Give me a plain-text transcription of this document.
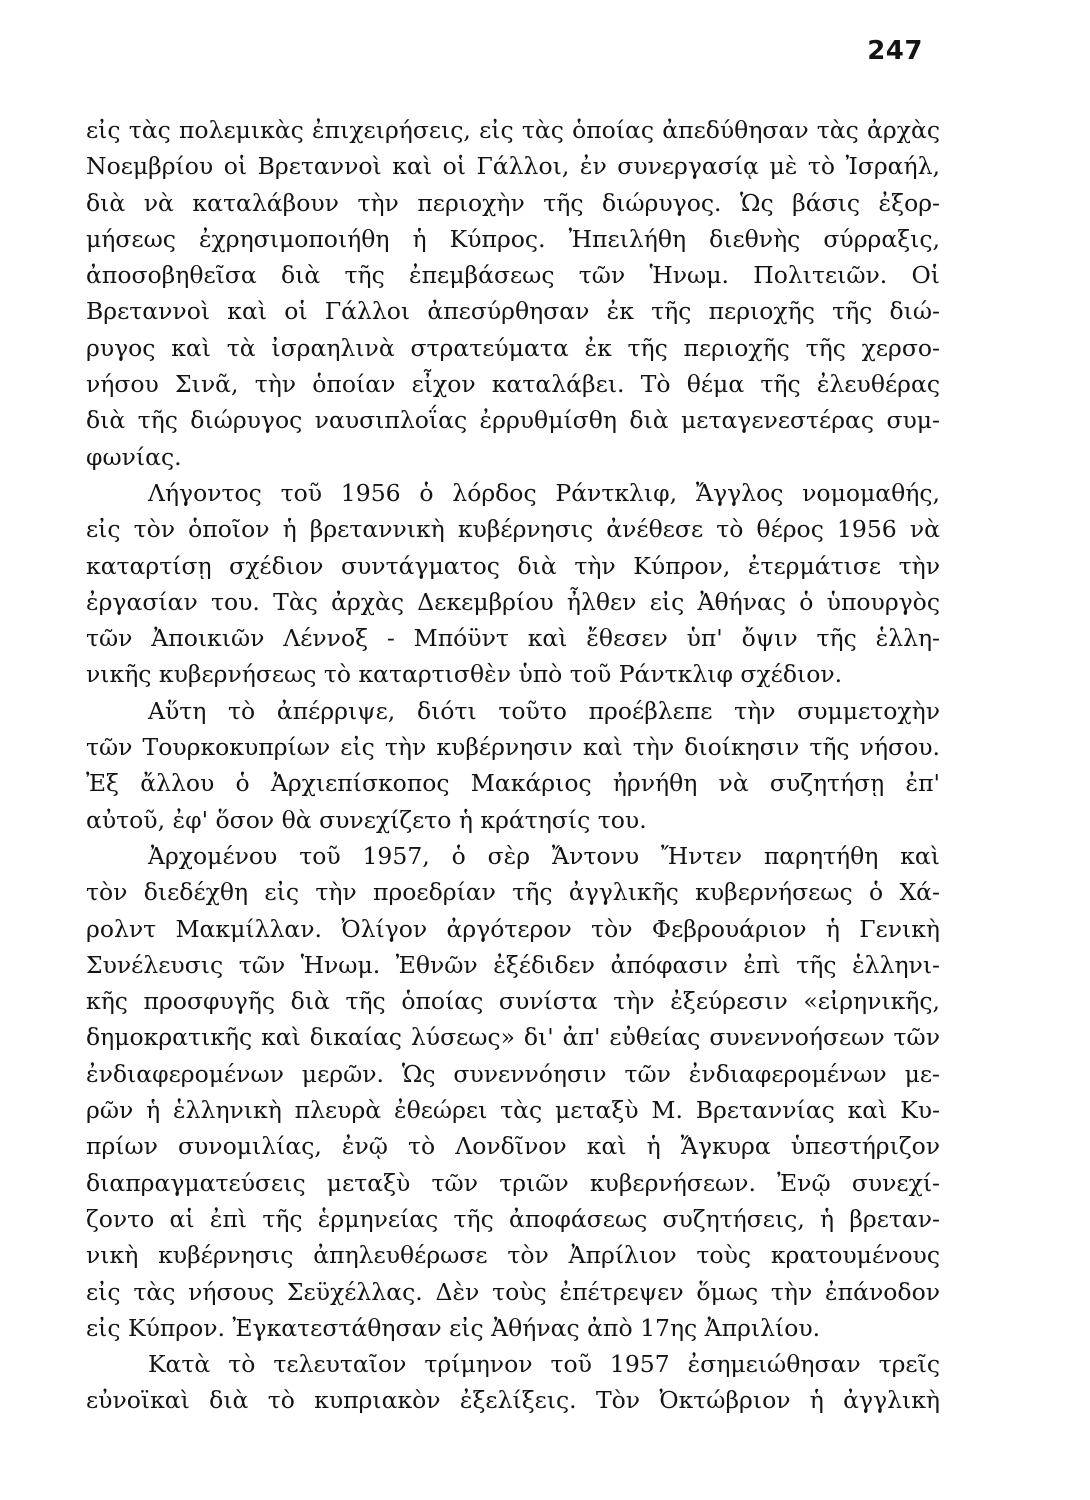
247
εἰς τὰς πολεμικὰς ἐπιχειρήσεις, εἰς τὰς ὁποίας ἀπεδύθησαν τὰς ἀρχὰς
Νοεμβρίου οἱ Βρεταννοὶ καὶ οἱ Γάλλοι, ἐν συνεργασίᾳ μὲ τὸ Ἰσραήλ,
διὰ νὰ καταλάβουν τὴν περιοχὴν τῆς διώρυγος. Ὡς βάσις ἐξορ-
μήσεως ἐχρησιμοποιήθη ἡ Κύπρος. Ἠπειλήθη διεθνὴς σύρραξις,
ἀποσοβηθεῖσα διὰ τῆς ἐπεμβάσεως τῶν Ἡνωμ. Πολιτειῶν. Οἱ
Βρεταννοὶ καὶ οἱ Γάλλοι ἀπεσύρθησαν ἐκ τῆς περιοχῆς τῆς διώ-
ρυγος καὶ τὰ ἰσραηλινὰ στρατεύματα ἐκ τῆς περιοχῆς τῆς χερσο-
νήσου Σινᾶ, τὴν ὁποίαν εἶχον καταλάβει. Τὸ θέμα τῆς ἐλευθέρας
διὰ τῆς διώρυγος ναυσιπλοΐας ἐρρυθμίσθη διὰ μεταγενεστέρας συμ-
φωνίας.
Λήγοντος τοῦ 1956 ὁ λόρδος Ράντκλιφ, Ἄγγλος νομομαθής,
εἰς τὸν ὁποῖον ἡ βρεταννικὴ κυβέρνησις ἀνέθεσε τὸ θέρος 1956 νὰ
καταρτίσῃ σχέδιον συντάγματος διὰ τὴν Κύπρον, ἐτερμάτισε τὴν
ἐργασίαν του. Τὰς ἀρχὰς Δεκεμβρίου ἦλθεν εἰς Ἀθήνας ὁ ὑπουργὸς
τῶν Ἀποικιῶν Λέννοξ - Μπόϋντ καὶ ἔθεσεν ὑπ' ὄψιν τῆς ἑλλη-
νικῆς κυβερνήσεως τὸ καταρτισθὲν ὑπὸ τοῦ Ράντκλιφ σχέδιον.
Αὕτη τὸ ἀπέρριψε, διότι τοῦτο προέβλεπε τὴν συμμετοχὴν
τῶν Τουρκοκυπρίων εἰς τὴν κυβέρνησιν καὶ τὴν διοίκησιν τῆς νήσου.
Ἐξ ἄλλου ὁ Ἀρχιεπίσκοπος Μακάριος ἠρνήθη νὰ συζητήσῃ ἐπ'
αὐτοῦ, ἐφ' ὅσον θὰ συνεχίζετο ἡ κράτησίς του.
Ἀρχομένου τοῦ 1957, ὁ σὲρ Ἄντονυ Ἤντεν παρητήθη καὶ
τὸν διεδέχθη εἰς τὴν προεδρίαν τῆς ἀγγλικῆς κυβερνήσεως ὁ Χά-
ρολντ Μακμίλλαν. Ὀλίγον ἀργότερον τὸν Φεβρουάριον ἡ Γενικὴ
Συνέλευσις τῶν Ἡνωμ. Ἐθνῶν ἐξέδιδεν ἀπόφασιν ἐπὶ τῆς ἑλληνι-
κῆς προσφυγῆς διὰ τῆς ὁποίας συνίστα τὴν ἐξεύρεσιν «εἰρηνικῆς,
δημοκρατικῆς καὶ δικαίας λύσεως» δι' ἀπ' εὐθείας συνεννοήσεων τῶν
ἐνδιαφερομένων μερῶν. Ὡς συνεννόησιν τῶν ἐνδιαφερομένων με-
ρῶν ἡ ἑλληνικὴ πλευρὰ ἐθεώρει τὰς μεταξὺ Μ. Βρεταννίας καὶ Κυ-
πρίων συνομιλίας, ἐνῷ τὸ Λονδῖνον καὶ ἡ Ἄγκυρα ὑπεστήριζον
διαπραγματεύσεις μεταξὺ τῶν τριῶν κυβερνήσεων. Ἐνῷ συνεχί-
ζοντο αἱ ἐπὶ τῆς ἑρμηνείας τῆς ἀποφάσεως συζητήσεις, ἡ βρεταν-
νικὴ κυβέρνησις ἀπηλευθέρωσε τὸν Ἀπρίλιον τοὺς κρατουμένους
εἰς τὰς νήσους Σεϋχέλλας. Δὲν τοὺς ἐπέτρεψεν ὅμως τὴν ἐπάνοδον
εἰς Κύπρον. Ἐγκατεστάθησαν εἰς Ἀθήνας ἀπὸ 17ης Ἀπριλίου.
Κατὰ τὸ τελευταῖον τρίμηνον τοῦ 1957 ἐσημειώθησαν τρεῖς
εὐνοϊκαὶ διὰ τὸ κυπριακὸν ἐξελίξεις. Τὸν Ὀκτώβριον ἡ ἀγγλικὴ
